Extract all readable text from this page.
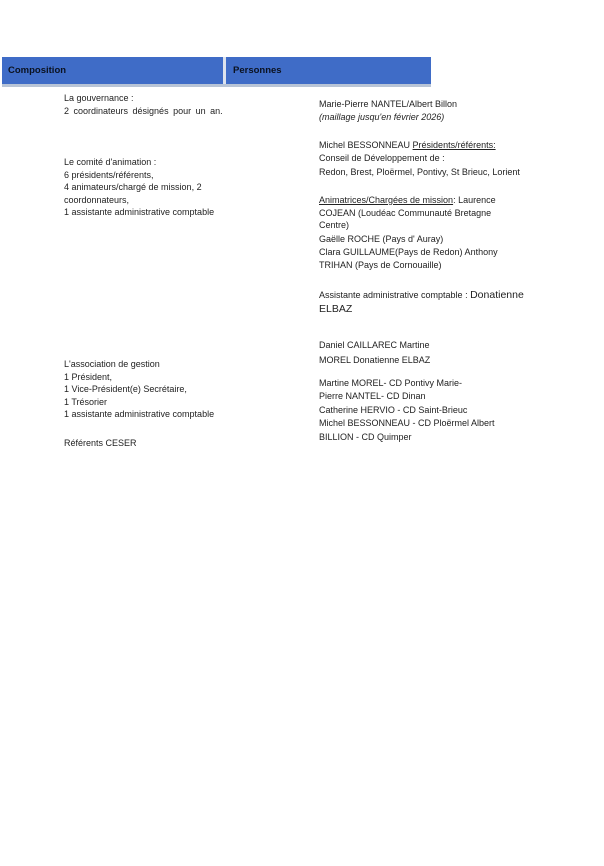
Composition	Personnes
La gouvernance :
2 coordinateurs désignés pour un an.
Le comité d'animation :
6 présidents/référents,
4 animateurs/chargé de mission, 2
coordonnateurs,
1 assistante administrative comptable
L'association de gestion
1 Président,
1 Vice-Président(e) Secrétaire,
1 Trésorier
1 assistante administrative comptable
Référents CESER
Marie-Pierre NANTEL/Albert Billon
(maillage jusqu'en février 2026)
Michel BESSONNEAU Présidents/référents:
Conseil de Développement de :
Redon, Brest, Ploërmel, Pontivy, St Brieuc, Lorient
Animatrices/Chargées de mission: Laurence
COJEAN (Loudéac Communauté Bretagne
Centre)
Gaëlle ROCHE (Pays d' Auray)
Clara GUILLAUME(Pays de Redon) Anthony
TRIHAN (Pays de Cornouaille)
Assistante administrative comptable : Donatienne
ELBAZ
Daniel CAILLAREC Martine
MOREL Donatienne ELBAZ
Martine MOREL- CD Pontivy Marie-
Pierre NANTEL- CD Dinan
Catherine HERVIO - CD Saint-Brieuc
Michel BESSONNEAU - CD Ploërmel Albert
BILLION - CD Quimper
